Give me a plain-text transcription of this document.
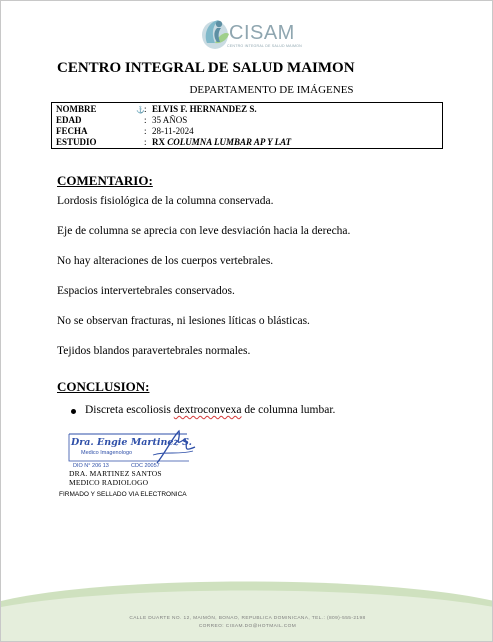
CISAM
CENTRO INTEGRAL DE SALUD MAIMON
CENTRO INTEGRAL DE SALUD MAIMON
DEPARTAMENTO DE IMÁGENES
⚓
NOMBRE	: ELVIS F. HERNANDEZ S.
EDAD	: 35 AÑOS
FECHA	: 28-11-2024
ESTUDIO	: RX COLUMNA LUMBAR AP Y LAT
COMENTARIO:
Lordosis fisiológica de la columna conservada.
Eje de columna se aprecia con leve desviación hacia la derecha.
No hay alteraciones de los cuerpos vertebrales.
Espacios intervertebrales conservados.
No se observan fracturas, ni lesiones líticas o blásticas.
Tejidos blandos paravertebrales normales.
CONCLUSION:
Discreta escoliosis dextroconvexa de columna lumbar.
Dra. Engie Martinez S.
Medico Imagenologo
DIO N° 206 13	CDC 20057
DRA. MARTINEZ SANTOS
MEDICO RADIOLOGO
FIRMADO Y SELLADO VIA ELECTRONICA
CALLE DUARTE NO. 12, MAIMÓN, BONAO, REPUBLICA DOMINICANA, TEL.: (809)-555-2198
CORREO: CISAM.DO@HOTMAIL.COM
